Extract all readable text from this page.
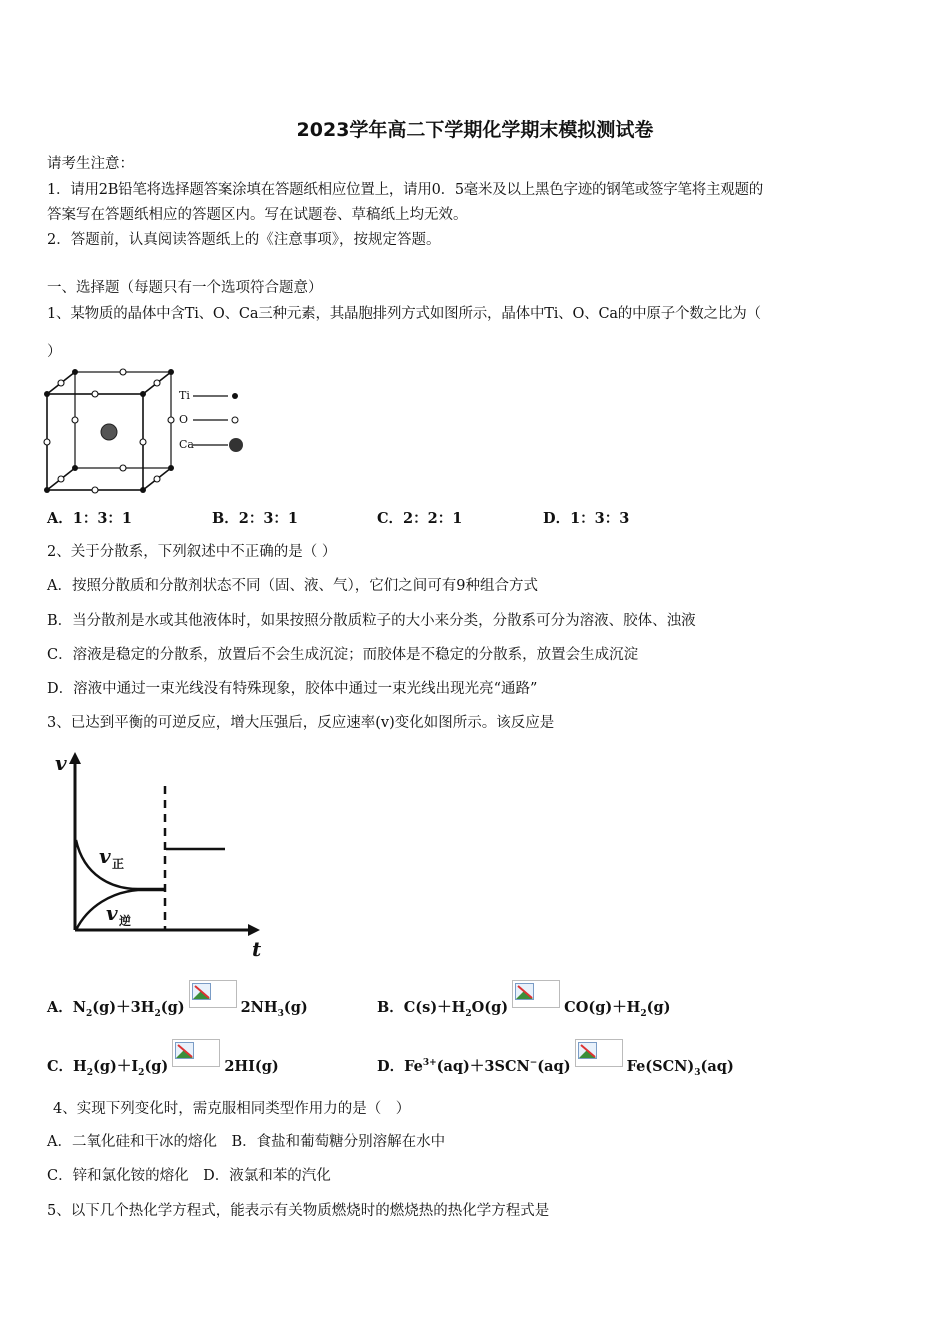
2023学年高二下学期化学期末模拟测试卷
请考生注意：
1．请用2B铅笔将选择题答案涂填在答题纸相应位置上，请用0．5毫米及以上黑色字迹的钢笔或签字笔将主观题的
答案写在答题纸相应的答题区内。写在试题卷、草稿纸上均无效。
2．答题前，认真阅读答题纸上的《注意事项》，按规定答题。
一、选择题（每题只有一个选项符合题意）
1、某物质的晶体中含Ti、O、Ca三种元素，其晶胞排列方式如图所示，晶体中Ti、O、Ca的中原子个数之比为（
）
Ti
O
Ca
A．1：3：1	B．2：3：1	C．2：2：1	D．1：3：3
2、关于分散系，下列叙述中不正确的是（ ）
A．按照分散质和分散剂状态不同（固、液、气），它们之间可有9种组合方式
B．当分散剂是水或其他液体时，如果按照分散质粒子的大小来分类，分散系可分为溶液、胶体、浊液
C．溶液是稳定的分散系，放置后不会生成沉淀；而胶体是不稳定的分散系，放置会生成沉淀
D．溶液中通过一束光线没有特殊现象，胶体中通过一束光线出现光亮“通路”
3、已达到平衡的可逆反应，增大压强后，反应速率(v)变化如图所示。该反应是
v
t
v 正
v 逆
A．$N_2(g)+3H_2(g)$	$2NH_3(g)$	B．$C(s)+H_2O(g)$	$CO(g)+H_2(g)$
C．$H_2(g)+I_2(g)$	2HI(g)	D．$Fe^{3+}(aq)+3SCN^-(aq)$	$Fe(SCN)_3(aq)$
4、实现下列变化时，需克服相同类型作用力的是（　）
A．二氧化硅和干冰的熔化　B．食盐和葡萄糖分别溶解在水中
C．锌和氯化铵的熔化　D．液氯和苯的汽化
5、以下几个热化学方程式，能表示有关物质燃烧时的燃烧热的热化学方程式是
